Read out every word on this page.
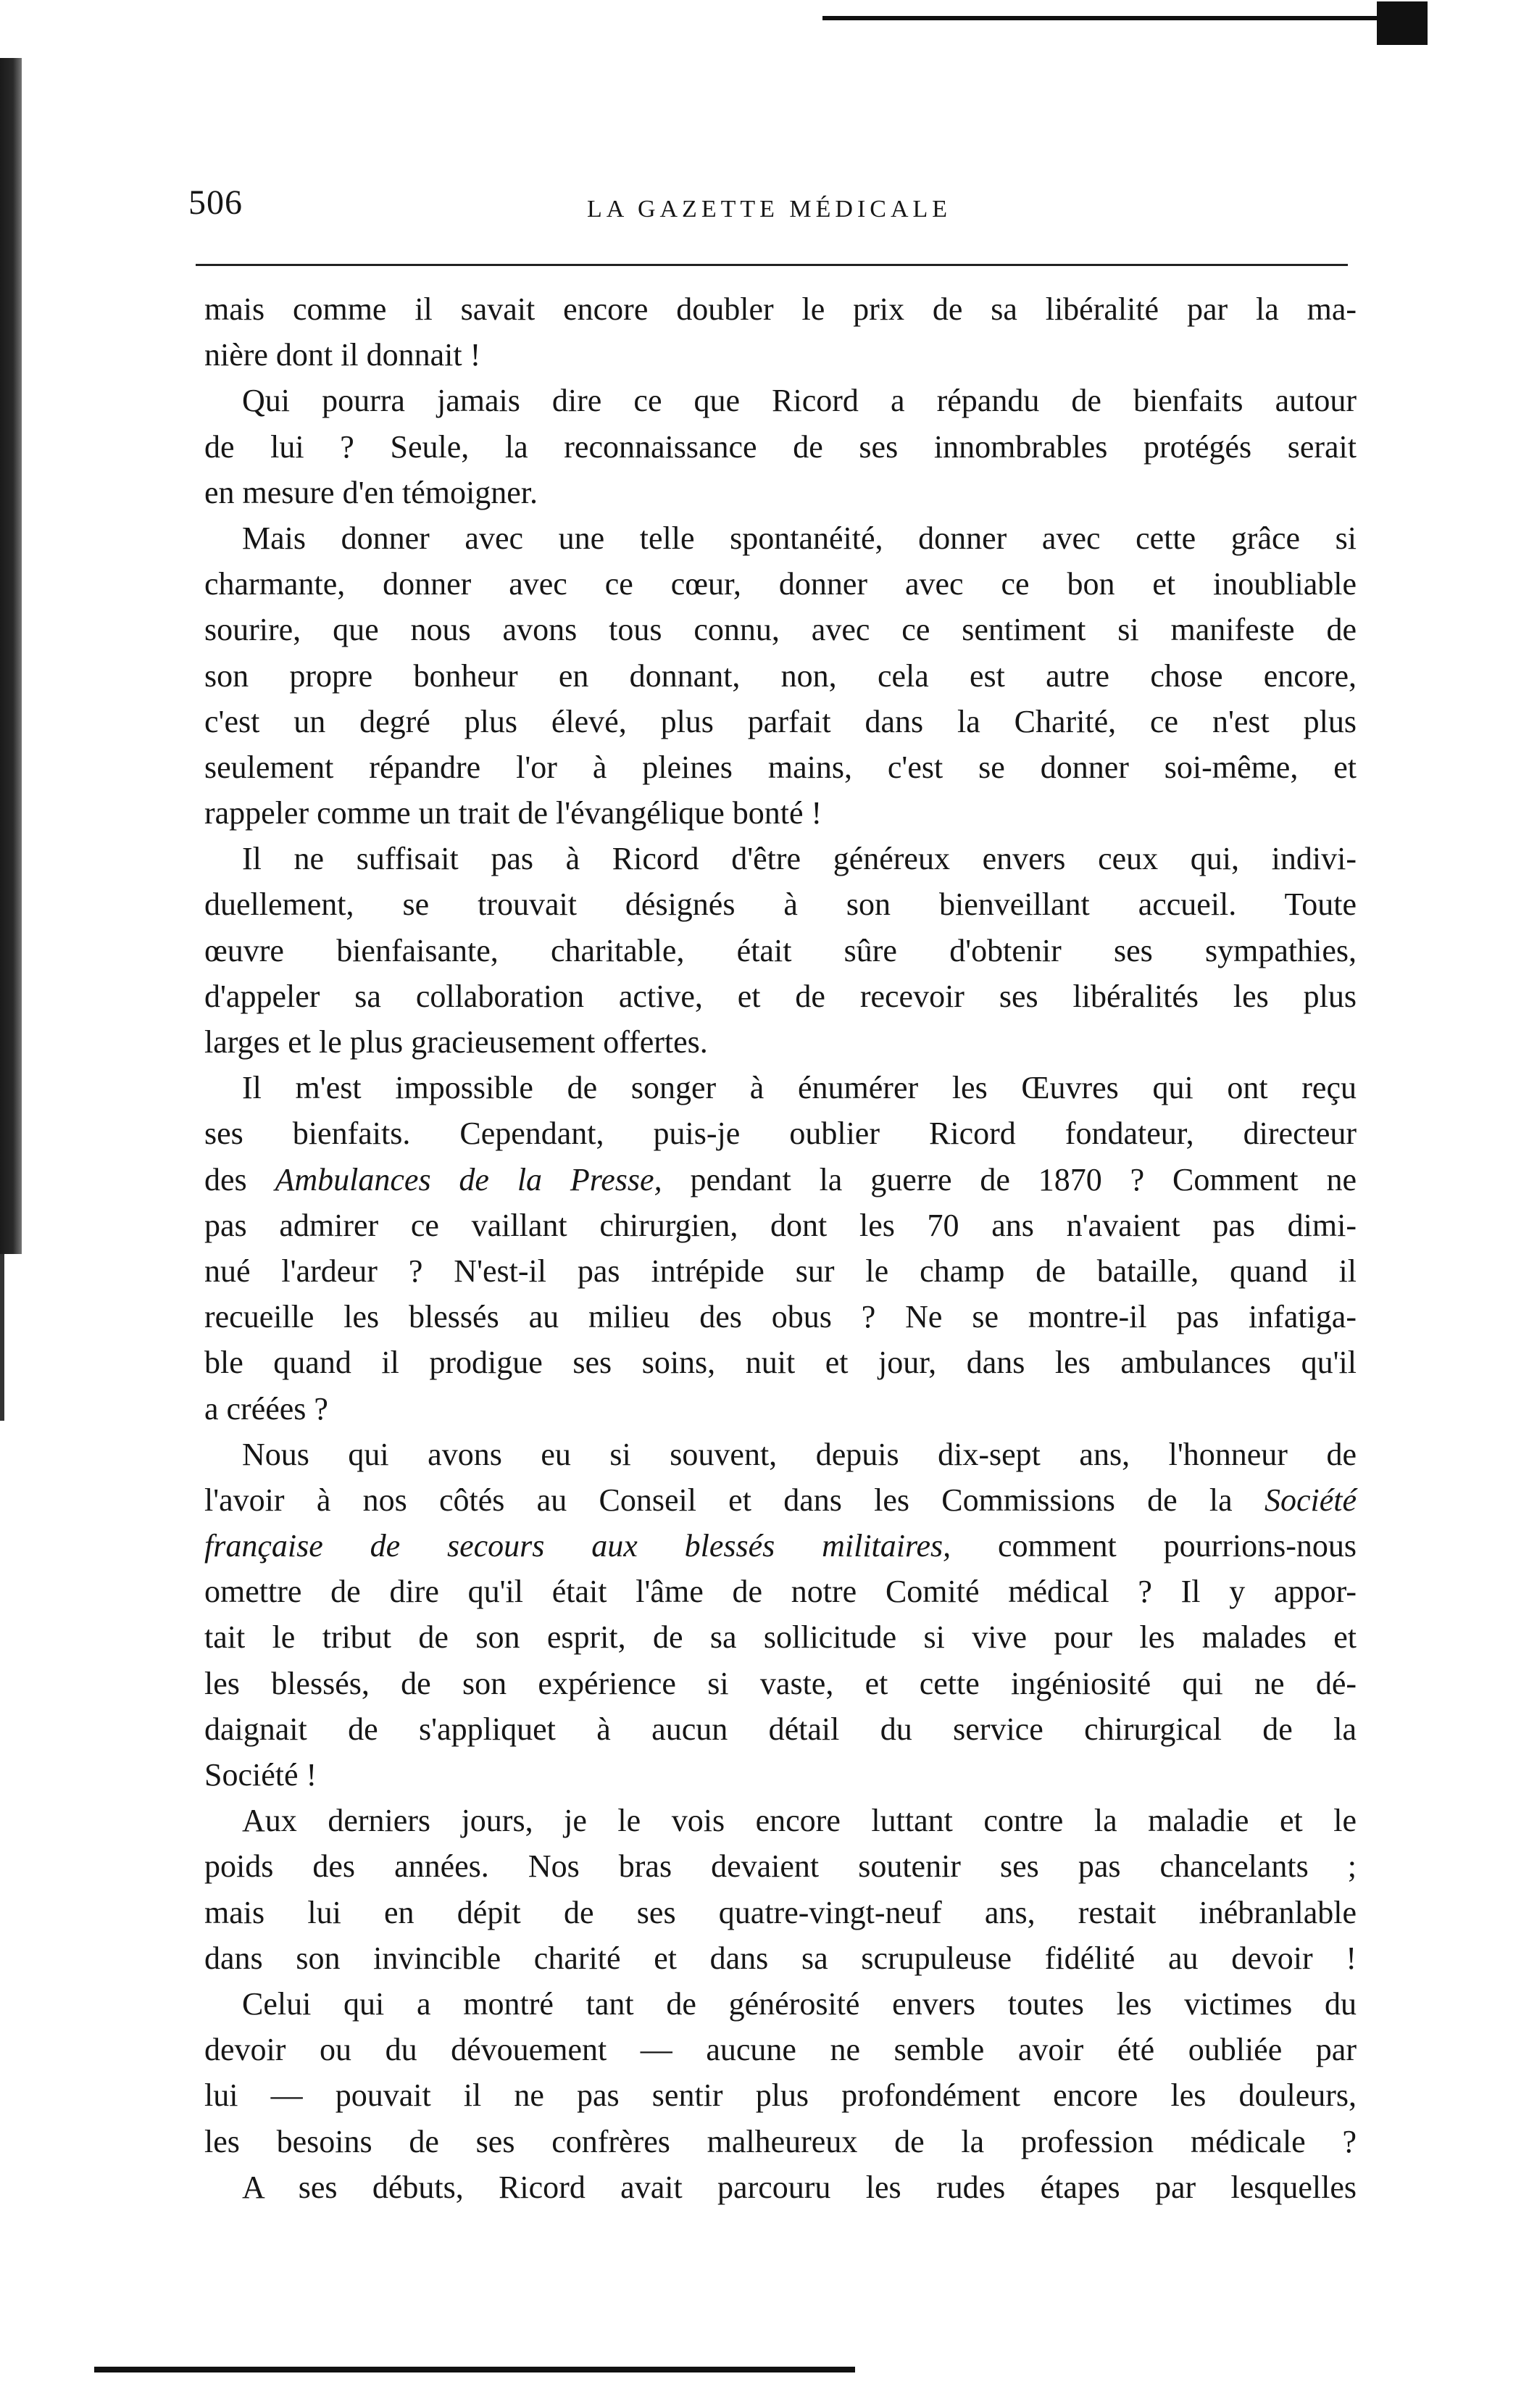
506	LA GAZETTE MÉDICALE
mais comme il savait encore doubler le prix de sa libéralité par la ma-
nière dont il donnait !
Qui pourra jamais dire ce que Ricord a répandu de bienfaits autour
de lui ? Seule, la reconnaissance de ses innombrables protégés serait
en mesure d'en témoigner.
Mais donner avec une telle spontanéité, donner avec cette grâce si
charmante, donner avec ce cœur, donner avec ce bon et inoubliable
sourire, que nous avons tous connu, avec ce sentiment si manifeste de
son propre bonheur en donnant, non, cela est autre chose encore,
c'est un degré plus élevé, plus parfait dans la Charité, ce n'est plus
seulement répandre l'or à pleines mains, c'est se donner soi-même, et
rappeler comme un trait de l'évangélique bonté !
Il ne suffisait pas à Ricord d'être généreux envers ceux qui, indivi-
duellement, se trouvait désignés à son bienveillant accueil. Toute
œuvre bienfaisante, charitable, était sûre d'obtenir ses sympathies,
d'appeler sa collaboration active, et de recevoir ses libéralités les plus
larges et le plus gracieusement offertes.
Il m'est impossible de songer à énumérer les Œuvres qui ont reçu
ses bienfaits. Cependant, puis-je oublier Ricord fondateur, directeur
des Ambulances de la Presse, pendant la guerre de 1870 ? Comment ne
pas admirer ce vaillant chirurgien, dont les 70 ans n'avaient pas dimi-
nué l'ardeur ? N'est-il pas intrépide sur le champ de bataille, quand il
recueille les blessés au milieu des obus ? Ne se montre-il pas infatiga-
ble quand il prodigue ses soins, nuit et jour, dans les ambulances qu'il
a créées ?
Nous qui avons eu si souvent, depuis dix-sept ans, l'honneur de
l'avoir à nos côtés au Conseil et dans les Commissions de la Société
française de secours aux blessés militaires, comment pourrions-nous
omettre de dire qu'il était l'âme de notre Comité médical ? Il y appor-
tait le tribut de son esprit, de sa sollicitude si vive pour les malades et
les blessés, de son expérience si vaste, et cette ingéniosité qui ne dé-
daignait de s'appliquet à aucun détail du service chirurgical de la
Société !
Aux derniers jours, je le vois encore luttant contre la maladie et le
poids des années. Nos bras devaient soutenir ses pas chancelants ;
mais lui en dépit de ses quatre-vingt-neuf ans, restait inébranlable
dans son invincible charité et dans sa scrupuleuse fidélité au devoir !
Celui qui a montré tant de générosité envers toutes les victimes du
devoir ou du dévouement — aucune ne semble avoir été oubliée par
lui — pouvait il ne pas sentir plus profondément encore les douleurs,
les besoins de ses confrères malheureux de la profession médicale ?
A ses débuts, Ricord avait parcouru les rudes étapes par lesquelles
